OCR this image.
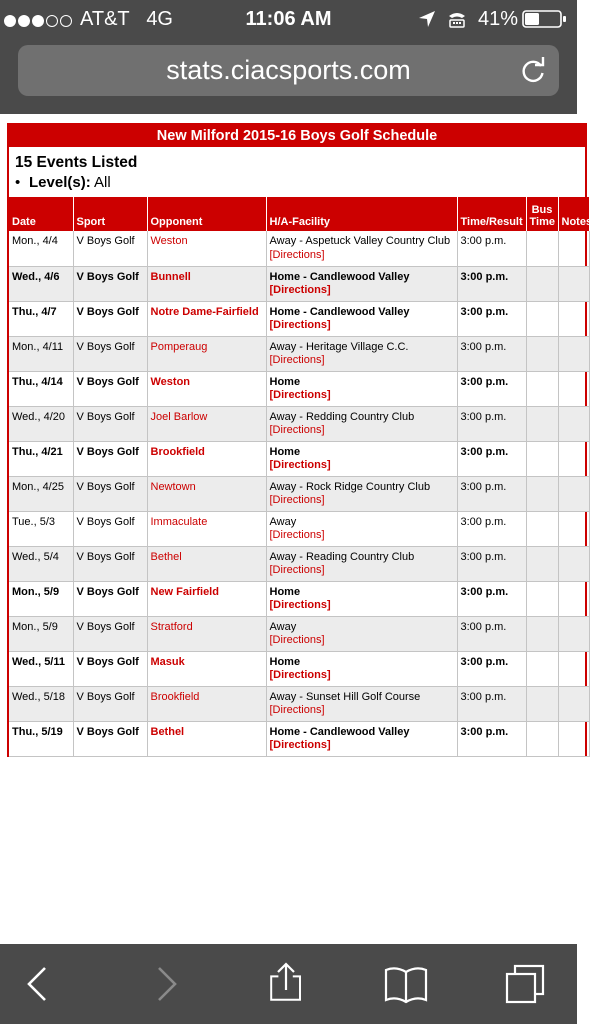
AT&T 4G	11:06 AM	41%
stats.ciacsports.com
New Milford 2015-16 Boys Golf Schedule
15 Events Listed
• Level(s): All
Date	Sport	Opponent	H/A-Facility	Time/Result	Bus Time	Notes
Mon., 4/4	V Boys Golf	Weston	Away - Aspetuck Valley Country Club
[Directions]	3:00 p.m.		
Wed., 4/6	V Boys Golf	Bunnell	Home - Candlewood Valley
[Directions]	3:00 p.m.		
Thu., 4/7	V Boys Golf	Notre Dame-Fairfield	Home - Candlewood Valley
[Directions]	3:00 p.m.		
Mon., 4/11	V Boys Golf	Pomperaug	Away - Heritage Village C.C.
[Directions]	3:00 p.m.		
Thu., 4/14	V Boys Golf	Weston	Home
[Directions]	3:00 p.m.		
Wed., 4/20	V Boys Golf	Joel Barlow	Away - Redding Country Club
[Directions]	3:00 p.m.		
Thu., 4/21	V Boys Golf	Brookfield	Home
[Directions]	3:00 p.m.		
Mon., 4/25	V Boys Golf	Newtown	Away - Rock Ridge Country Club
[Directions]	3:00 p.m.		
Tue., 5/3	V Boys Golf	Immaculate	Away
[Directions]	3:00 p.m.		
Wed., 5/4	V Boys Golf	Bethel	Away - Reading Country Club
[Directions]	3:00 p.m.		
Mon., 5/9	V Boys Golf	New Fairfield	Home
[Directions]	3:00 p.m.		
Mon., 5/9	V Boys Golf	Stratford	Away
[Directions]	3:00 p.m.		
Wed., 5/11	V Boys Golf	Masuk	Home
[Directions]	3:00 p.m.		
Wed., 5/18	V Boys Golf	Brookfield	Away - Sunset Hill Golf Course
[Directions]	3:00 p.m.		
Thu., 5/19	V Boys Golf	Bethel	Home - Candlewood Valley
[Directions]	3:00 p.m.		
